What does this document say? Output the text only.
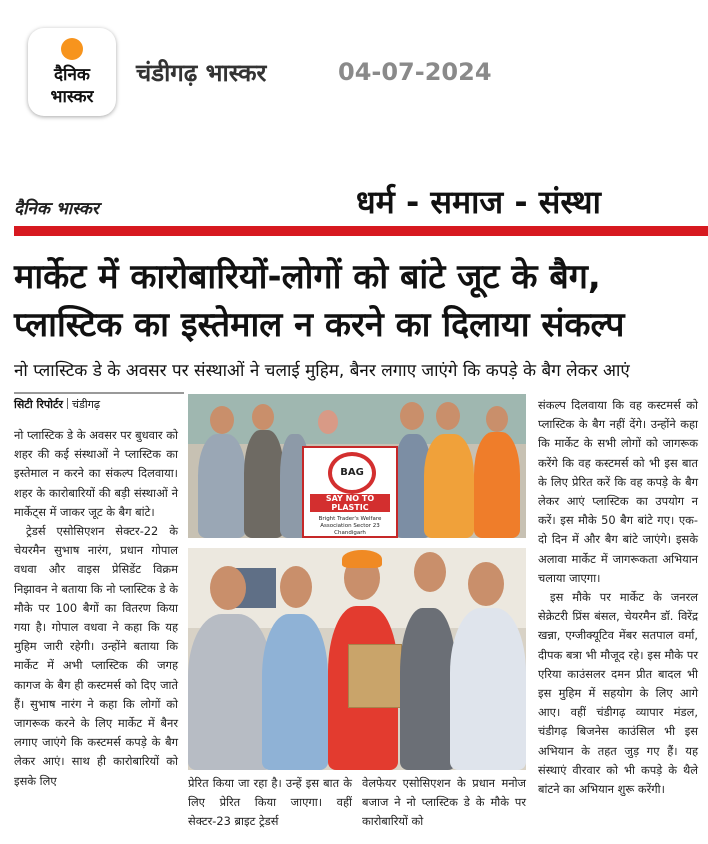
दैनिक
भास्कर
चंडीगढ़ भास्कर	04-07-2024
दैनिक भास्कर	धर्म - समाज - संस्था
मार्केट में कारोबारियों-लोगों को बांटे जूट के बैग,
प्लास्टिक का इस्तेमाल न करने का दिलाया संकल्प
नो प्लास्टिक डे के अवसर पर संस्थाओं ने चलाई मुहिम, बैनर लगाए जाएंगे कि कपड़े के बैग लेकर आएं
सिटी रिपोर्टर चंडीगढ़

नो प्लास्टिक डे के अवसर पर बुधवार को शहर की कई संस्थाओं ने प्लास्टिक का इस्तेमाल न करने का संकल्प दिलवाया। शहर के कारोबारियों की बड़ी संस्थाओं ने मार्केट्स में जाकर जूट के बैग बांटे।

ट्रेडर्स एसोसिएशन सेक्टर-22 के चेयरमैन सुभाष नारंग, प्रधान गोपाल वधवा और वाइस प्रेसिडेंट विक्रम निझावन ने बताया कि नो प्लास्टिक डे के मौके पर 100 बैगों का वितरण किया गया है। गोपाल वधवा ने कहा कि यह मुहिम जारी रहेगी। उन्होंने बताया कि मार्केट में अभी प्लास्टिक की जगह कागज के बैग ही कस्टमर्स को दिए जाते हैं। सुभाष नारंग ने कहा कि लोगों को जागरूक करने के लिए मार्केट में बैनर लगाए जाएंगे कि कस्टमर्स कपड़े के बैग लेकर आएं। साथ ही कारोबारियों को इसके लिए

BAG
SAY NO TO PLASTIC
Bright Trader's Welfare Association Sector 23 Chandigarh
प्रेरित किया जा रहा है। उन्हें इस बात के लिए प्रेरित किया जाएगा। वहीं सेक्टर-23 ब्राइट ट्रेडर्स
वेलफेयर एसोसिएशन के प्रधान मनोज बजाज ने नो प्लास्टिक डे के मौके पर कारोबारियों को

संकल्प दिलवाया कि वह कस्टमर्स को प्लास्टिक के बैग नहीं देंगे। उन्होंने कहा कि मार्केट के सभी लोगों को जागरूक करेंगे कि वह कस्टमर्स को भी इस बात के लिए प्रेरित करें कि वह कपड़े के बैग लेकर आएं प्लास्टिक का उपयोग न करें। इस मौके 50 बैग बांटे गए। एक-दो दिन में और बैग बांटे जाएंगे। इसके अलावा मार्केट में जागरूकता अभियान चलाया जाएगा।

इस मौके पर मार्केट के जनरल सेक्रेटरी प्रिंस बंसल, चेयरमैन डॉ. विरेंद्र खन्ना, एग्जीक्यूटिव मेंबर सतपाल वर्मा, दीपक बत्रा भी मौजूद रहे। इस मौके पर एरिया काउंसलर दमन प्रीत बादल भी इस मुहिम में सहयोग के लिए आगे आए। वहीं चंडीगढ़ व्यापार मंडल, चंडीगढ़ बिजनेस काउंसिल भी इस अभियान के तहत जुड़ गए हैं। यह संस्थाएं वीरवार को भी कपड़े के थैले बांटने का अभियान शुरू करेंगी।
